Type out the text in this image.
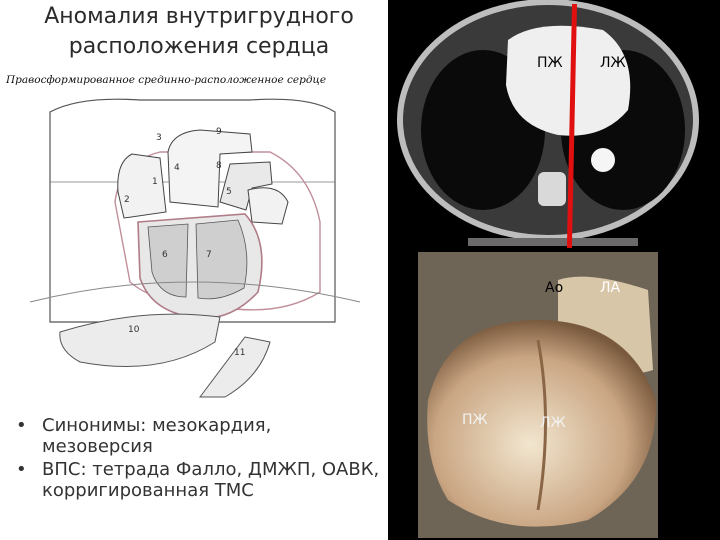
Аномалия внутригрудного расположения сердца
Правосформированное срединно-расположенное сердце
1
2
3
4
5
6	7
8
9
10
11
• Синонимы: мезокардия, мезоверсия
• ВПС: тетрада Фалло, ДМЖП, ОАВК, корригированная ТМС
ПЖ	ЛЖ
Ао	ЛА
ПЖ	ЛЖ
